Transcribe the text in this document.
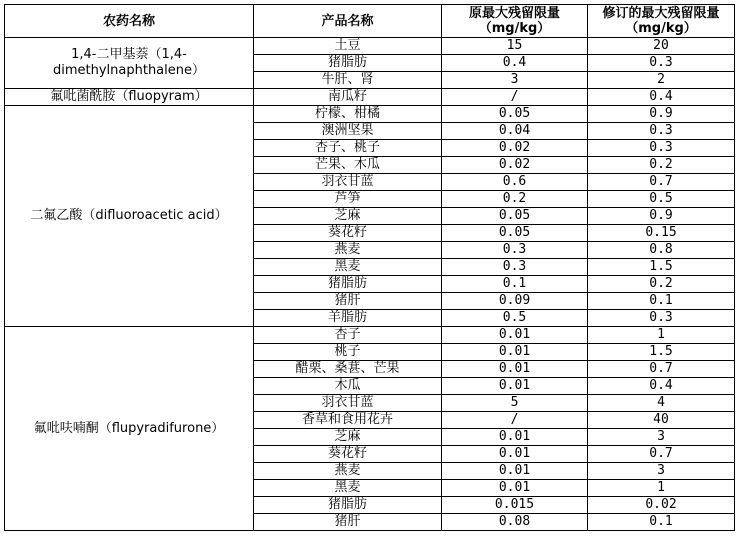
农药名称	产品名称	原最大残留限量（mg/kg）	修订的最大残留限量（mg/kg）
1,4-二甲基萘（1,4-dimethylnaphthalene）	土豆	15	20
	猪脂肪	0.4	0.3
	牛肝、肾	3	2
氟吡菌酰胺（fluopyram）	南瓜籽	/	0.4
二氟乙酸（difluoroacetic acid）	柠檬、柑橘	0.05	0.9
	澳洲坚果	0.04	0.3
	杏子、桃子	0.02	0.3
	芒果、木瓜	0.02	0.2
	羽衣甘蓝	0.6	0.7
	芦笋	0.2	0.5
	芝麻	0.05	0.9
	葵花籽	0.05	0.15
	燕麦	0.3	0.8
	黑麦	0.3	1.5
	猪脂肪	0.1	0.2
	猪肝	0.09	0.1
	羊脂肪	0.5	0.3
氟吡呋喃酮（flupyradifurone）	杏子	0.01	1
	桃子	0.01	1.5
	醋栗、桑葚、芒果	0.01	0.7
	木瓜	0.01	0.4
	羽衣甘蓝	5	4
	香草和食用花卉	/	40
	芝麻	0.01	3
	葵花籽	0.01	0.7
	燕麦	0.01	3
	黑麦	0.01	1
	猪脂肪	0.015	0.02
	猪肝	0.08	0.1
